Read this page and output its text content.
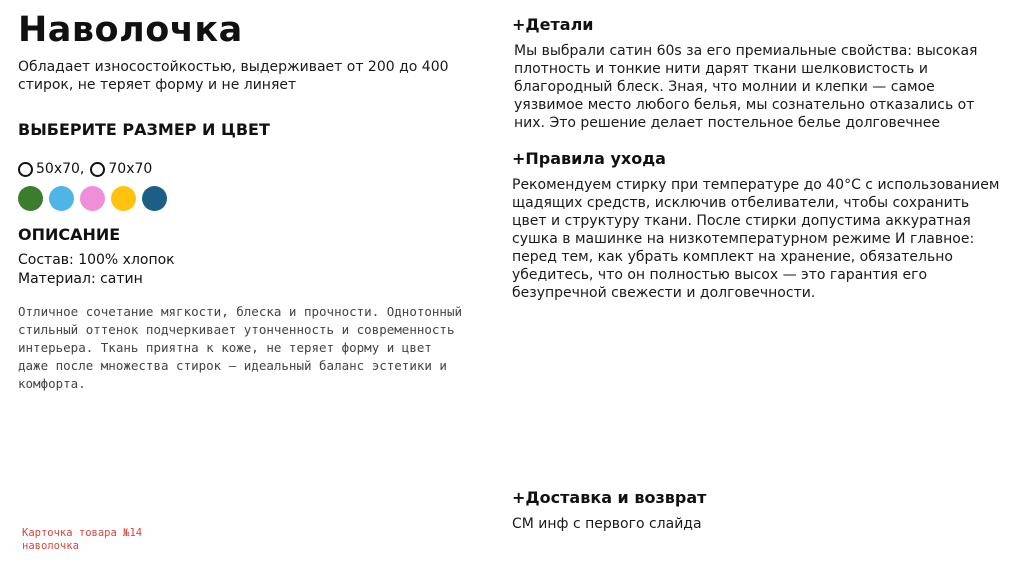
Наволочка

Обладает износостойкостью, выдерживает от 200 до 400 стирок, не теряет форму и не линяет

ВЫБЕРИТЕ РАЗМЕР И ЦВЕТ
50x70, 70x70
ОПИСАНИЕ
Состав: 100% хлопок
Материал: сатин
Отличное сочетание мягкости, блеска и прочности. Однотонный стильный оттенок подчеркивает утонченность и современность интерьера. Ткань приятна к коже, не теряет форму и цвет даже после множества стирок — идеальный баланс эстетики и комфорта.
+Детали

Мы выбрали сатин 60s за его премиальные свойства: высокая плотность и тонкие нити дарят ткани шелковистость и благородный блеск. Зная, что молнии и клепки — самое уязвимое место любого белья, мы сознательно отказались от них. Это решение делает постельное белье долговечнее

+Правила ухода

Рекомендуем стирку при температуре до 40°C с использованием щадящих средств, исключив отбеливатели, чтобы сохранить цвет и структуру ткани. После стирки допустима аккуратная сушка в машинке на низкотемпературном режиме И главное: перед тем, как убрать комплект на хранение, обязательно убедитесь, что он полностью высох — это гарантия его безупречной свежести и долговечности.

+Доставка и возврат

СМ инф с первого слайда

Карточка товара №14
наволочка
